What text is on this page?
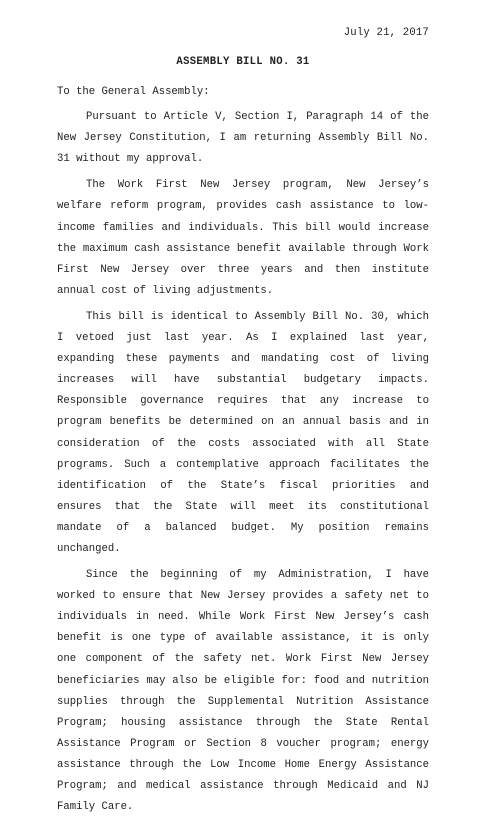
July 21, 2017
ASSEMBLY BILL NO. 31
To the General Assembly:

Pursuant to Article V, Section I, Paragraph 14 of the New Jersey Constitution, I am returning Assembly Bill No. 31 without my approval.

The Work First New Jersey program, New Jersey’s welfare reform program, provides cash assistance to low-income families and individuals. This bill would increase the maximum cash assistance benefit available through Work First New Jersey over three years and then institute annual cost of living adjustments.

This bill is identical to Assembly Bill No. 30, which I vetoed just last year. As I explained last year, expanding these payments and mandating cost of living increases will have substantial budgetary impacts. Responsible governance requires that any increase to program benefits be determined on an annual basis and in consideration of the costs associated with all State programs. Such a contemplative approach facilitates the identification of the State’s fiscal priorities and ensures that the State will meet its constitutional mandate of a balanced budget. My position remains unchanged.

Since the beginning of my Administration, I have worked to ensure that New Jersey provides a safety net to individuals in need. While Work First New Jersey’s cash benefit is one type of available assistance, it is only one component of the safety net. Work First New Jersey beneficiaries may also be eligible for: food and nutrition supplies through the Supplemental Nutrition Assistance Program; housing assistance through the State Rental Assistance Program or Section 8 voucher program; energy assistance through the Low Income Home Energy Assistance Program; and medical assistance through Medicaid and NJ Family Care.
